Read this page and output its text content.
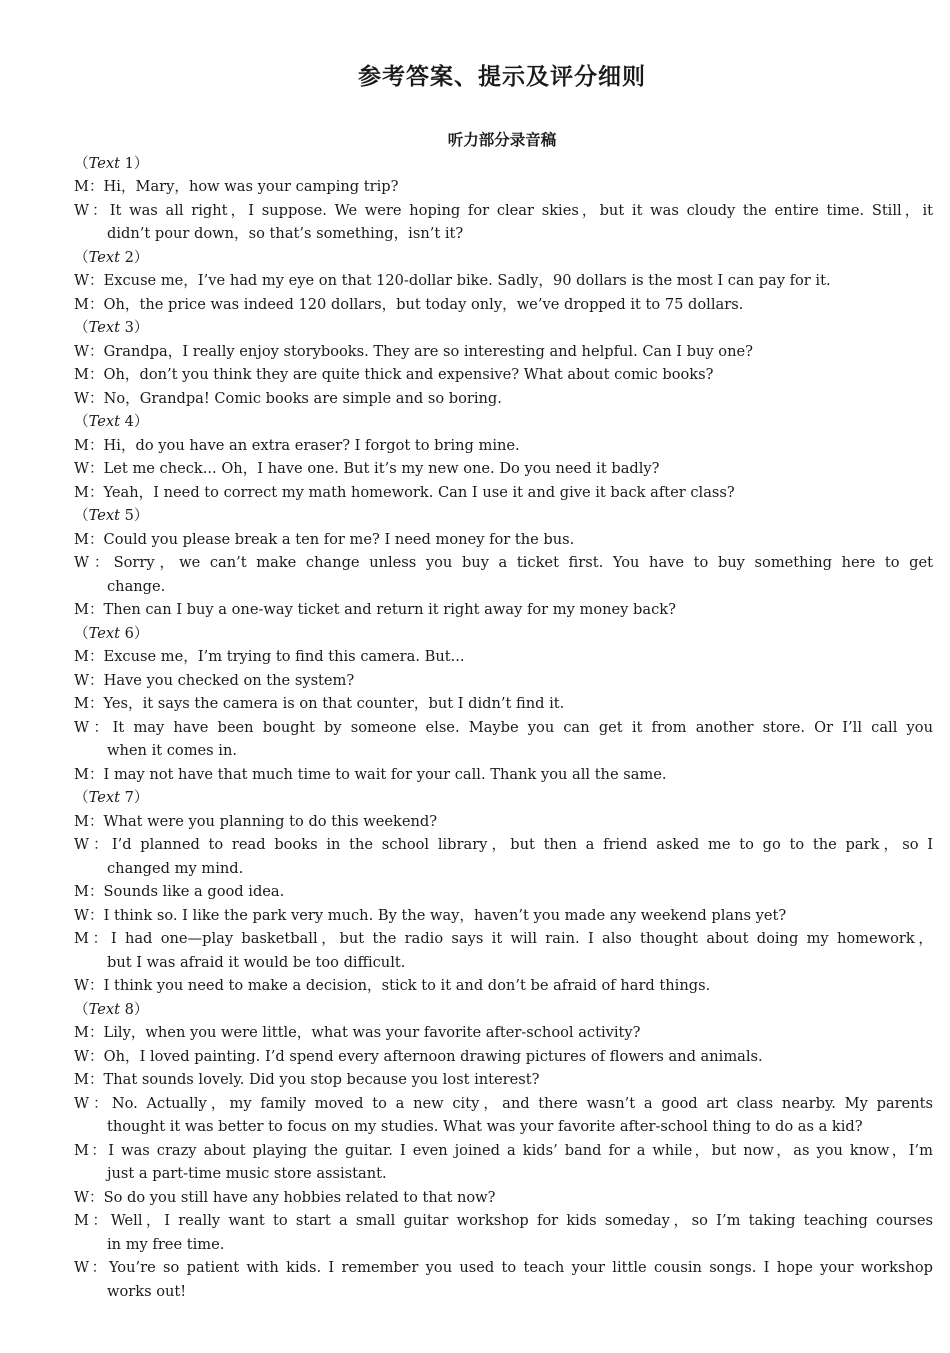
参考答案、提示及评分细则
听力部分录音稿
（Text 1）
M：Hi，Mary，how was your camping trip?
W：It was all right，I suppose. We were hoping for clear skies，but it was cloudy the entire time. Still，it
didn’t pour down，so that’s something，isn’t it?
（Text 2）
W：Excuse me，I’ve had my eye on that 120-dollar bike. Sadly，90 dollars is the most I can pay for it.
M：Oh，the price was indeed 120 dollars，but today only，we’ve dropped it to 75 dollars.
（Text 3）
W：Grandpa，I really enjoy storybooks. They are so interesting and helpful. Can I buy one?
M：Oh，don’t you think they are quite thick and expensive? What about comic books?
W：No，Grandpa! Comic books are simple and so boring.
（Text 4）
M：Hi，do you have an extra eraser? I forgot to bring mine.
W：Let me check... Oh，I have one. But it’s my new one. Do you need it badly?
M：Yeah，I need to correct my math homework. Can I use it and give it back after class?
（Text 5）
M：Could you please break a ten for me? I need money for the bus.
W：Sorry，we can’t make change unless you buy a ticket first. You have to buy something here to get
change.
M：Then can I buy a one-way ticket and return it right away for my money back?
（Text 6）
M：Excuse me，I’m trying to find this camera. But...
W：Have you checked on the system?
M：Yes，it says the camera is on that counter，but I didn’t find it.
W：It may have been bought by someone else. Maybe you can get it from another store. Or I’ll call you
when it comes in.
M：I may not have that much time to wait for your call. Thank you all the same.
（Text 7）
M：What were you planning to do this weekend?
W：I’d planned to read books in the school library，but then a friend asked me to go to the park，so I
changed my mind.
M：Sounds like a good idea.
W：I think so. I like the park very much. By the way，haven’t you made any weekend plans yet?
M：I had one—play basketball，but the radio says it will rain. I also thought about doing my homework，
but I was afraid it would be too difficult.
W：I think you need to make a decision，stick to it and don’t be afraid of hard things.
（Text 8）
M：Lily，when you were little，what was your favorite after-school activity?
W：Oh，I loved painting. I’d spend every afternoon drawing pictures of flowers and animals.
M：That sounds lovely. Did you stop because you lost interest?
W：No. Actually，my family moved to a new city，and there wasn’t a good art class nearby. My parents
thought it was better to focus on my studies. What was your favorite after-school thing to do as a kid?
M：I was crazy about playing the guitar. I even joined a kids’ band for a while，but now，as you know，I’m
just a part-time music store assistant.
W：So do you still have any hobbies related to that now?
M：Well，I really want to start a small guitar workshop for kids someday，so I’m taking teaching courses
in my free time.
W：You’re so patient with kids. I remember you used to teach your little cousin songs. I hope your workshop
works out!
